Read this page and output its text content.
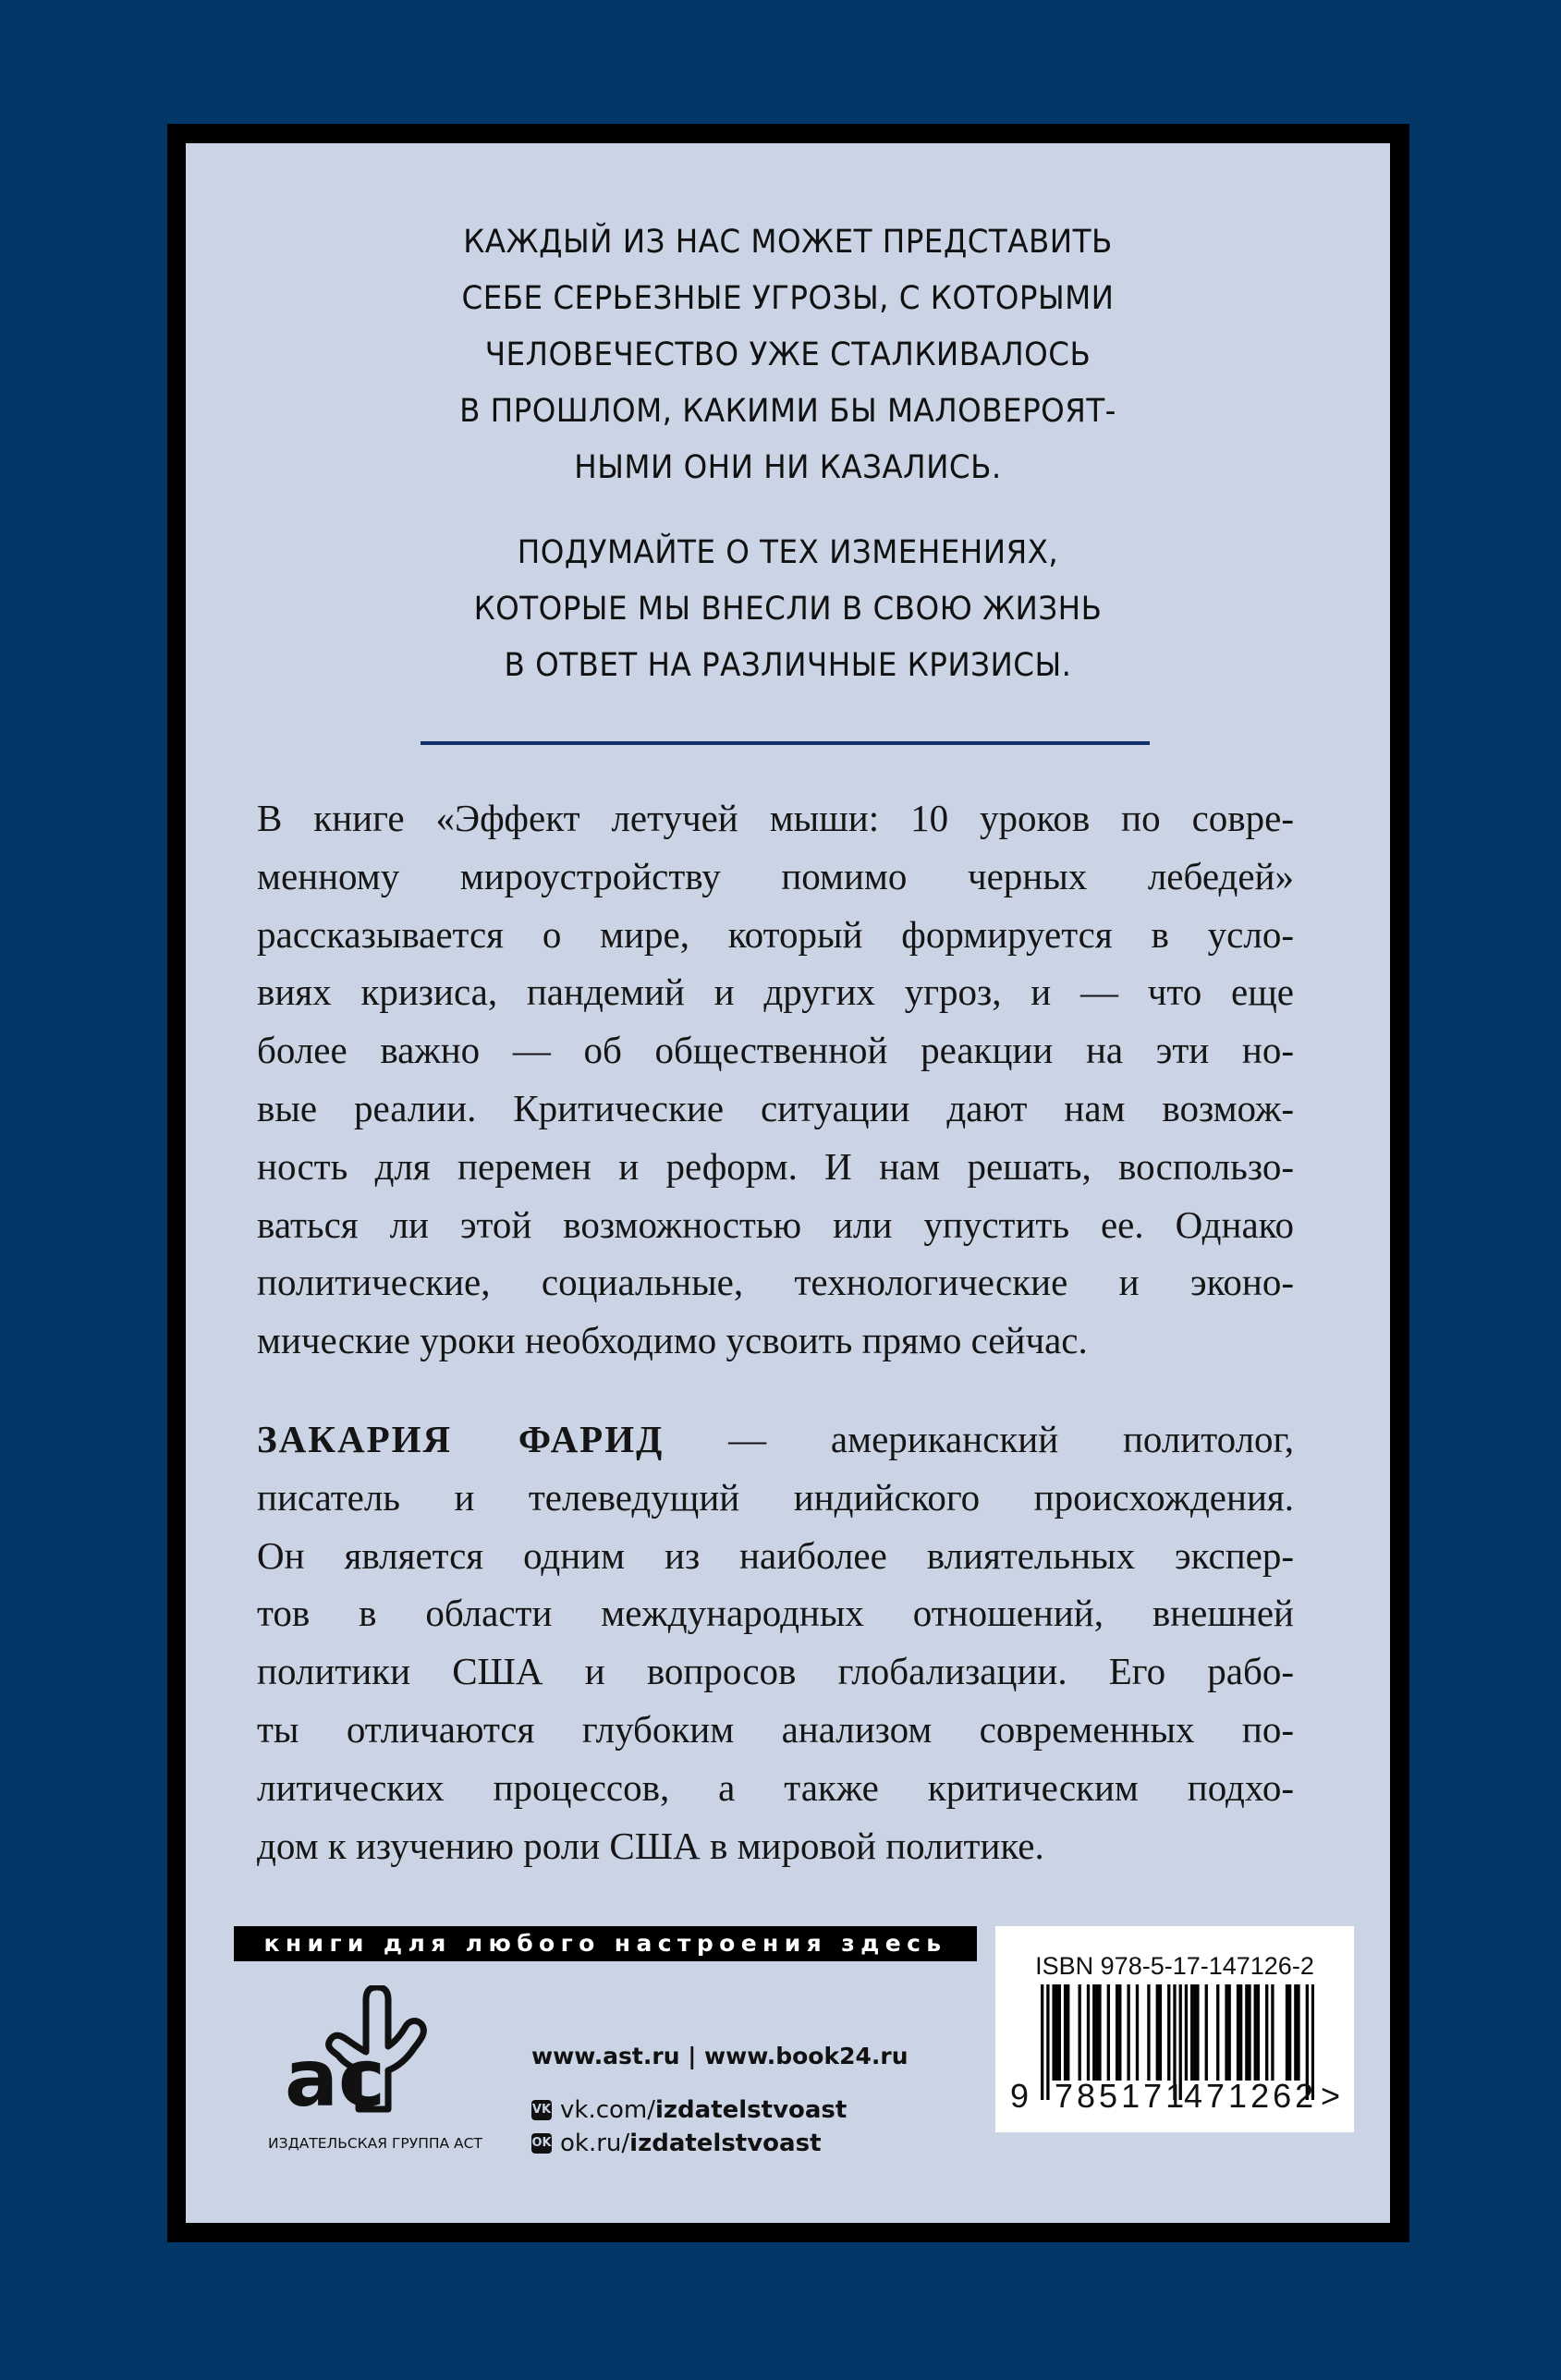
КАЖДЫЙ ИЗ НАС МОЖЕТ ПРЕДСТАВИТЬ
СЕБЕ СЕРЬЕЗНЫЕ УГРОЗЫ, С КОТОРЫМИ
ЧЕЛОВЕЧЕСТВО УЖЕ СТАЛКИВАЛОСЬ
В ПРОШЛОМ, КАКИМИ БЫ МАЛОВЕРОЯТ-
НЫМИ ОНИ НИ КАЗАЛИСЬ.
ПОДУМАЙТЕ О ТЕХ ИЗМЕНЕНИЯХ,
КОТОРЫЕ МЫ ВНЕСЛИ В СВОЮ ЖИЗНЬ
В ОТВЕТ НА РАЗЛИЧНЫЕ КРИЗИСЫ.
В книге «Эффект летучей мыши: 10 уроков по совре-
менному мироустройству помимо черных лебедей»
рассказывается о мире, который формируется в усло-
виях кризиса, пандемий и других угроз, и — что еще
более важно — об общественной реакции на эти но-
вые реалии. Критические ситуации дают нам возмож-
ность для перемен и реформ. И нам решать, воспользо-
ваться ли этой возможностью или упустить ее. Однако
политические, социальные, технологические и эконо-
мические уроки необходимо усвоить прямо сейчас.
ЗАКАРИЯ ФАРИД — американский политолог,
писатель и телеведущий индийского происхождения.
Он является одним из наиболее влиятельных экспер-
тов в области международных отношений, внешней
политики США и вопросов глобализации. Его рабо-
ты отличаются глубоким анализом современных по-
литических процессов, а также критическим подхо-
дом к изучению роли США в мировой политике.
книги для любого настроения здесь
ac
ИЗДАТЕЛЬСКАЯ ГРУППА АСТ
www.ast.ru | www.book24.ru
VK vk.com/ izdatelstvoast
OK ok.ru/ izdatelstvoast
ISBN 978-5-17-147126-2
9 785171
471262 >
